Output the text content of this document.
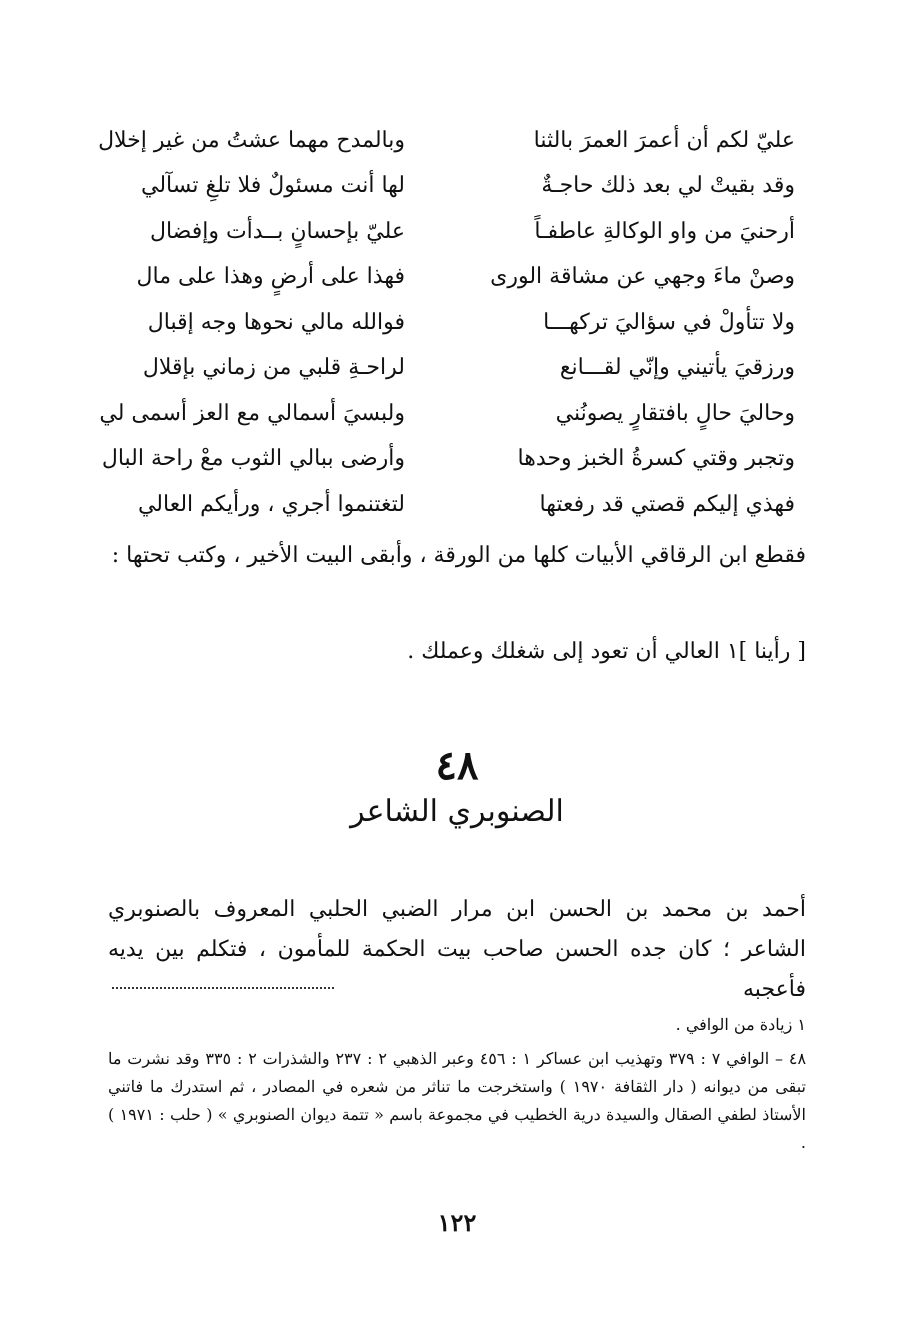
عليّ لكم أن أعمرَ العمرَ بالثنا
وبالمدح مهما عشتُ من غير إخلال
وقد بقيتْ لي بعد ذلك حاجـةٌ
لها أنت مسئولٌ فلا تلغِ تسآلي
أرحنيَ من واو الوكالةِ عاطفـاً
عليّ بإحسانٍ بــدأت وإفضال
وصنْ ماءَ وجهي عن مشاقة الورى
فهذا على أرضٍ وهذا على مال
ولا تتأولْ في سؤاليَ تركهـــا
فوالله مالي نحوها وجه إقبال
ورزقيَ يأتيني وإنّي لقـــانع
لراحـةِ قلبي من زماني بإقلال
وحاليَ حالٍ بافتقارٍ يصونُني
ولبسيَ أسمالي مع العز أسمى لي
وتجبر وقتي كسرةُ الخبز وحدها
وأرضى ببالي الثوب معْ راحة البال
فهذي إليكم قصتي قد رفعتها
لتغتنموا أجري ، ورأيكم العالي
فقطع ابن الرقاقي الأبيات كلها من الورقة ، وأبقى البيت الأخير ، وكتب تحتها :
[ رأينا ]١ العالي أن تعود إلى شغلك وعملك .
٤٨
الصنوبري الشاعر
أحمد بن محمد بن الحسن ابن مرار الضبي الحلبي المعروف بالصنوبري الشاعر ؛ كان جده الحسن صاحب بيت الحكمة للمأمون ، فتكلم بين يديه فأعجبه
١ زيادة من الوافي .
٤٨ – الوافي ٧ : ٣٧٩ وتهذيب ابن عساكر ١ : ٤٥٦ وعبر الذهبي ٢ : ٢٣٧ والشذرات ٢ : ٣٣٥ وقد نشرت ما تبقى من ديوانه ( دار الثقافة ١٩٧٠ ) واستخرجت ما تناثر من شعره في المصادر ، ثم استدرك ما فاتني الأستاذ لطفي الصقال والسيدة درية الخطيب في مجموعة باسم « تتمة ديوان الصنوبري » ( حلب : ١٩٧١ ) .
١٢٢
